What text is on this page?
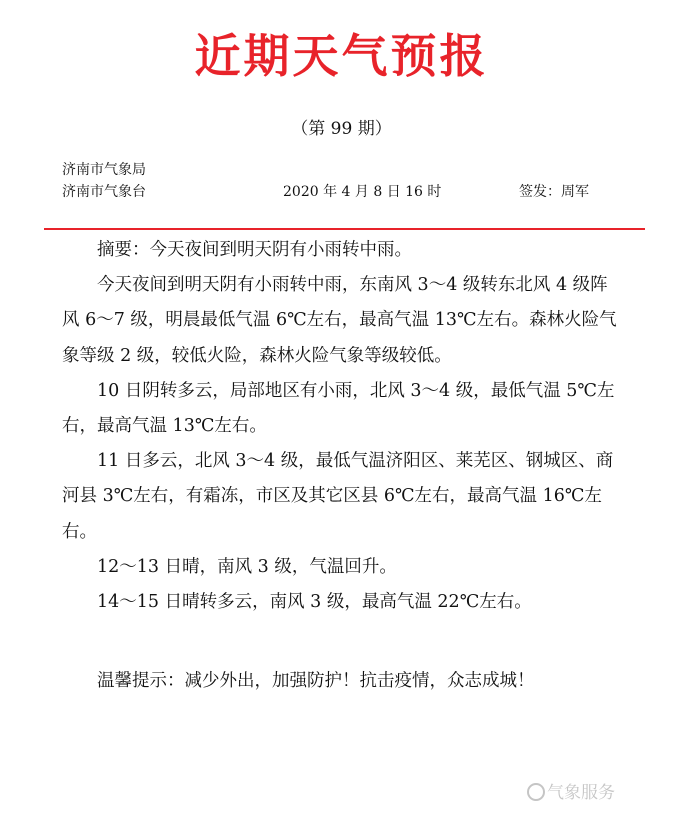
近期天气预报
（第 99 期）
济南市气象局
济南市气象台	2020 年 4 月 8 日 16 时	签发：周军

摘要：今天夜间到明天阴有小雨转中雨。

今天夜间到明天阴有小雨转中雨，东南风 3～4 级转东北风 4 级阵风 6～7 级，明晨最低气温 6℃左右，最高气温 13℃左右。森林火险气象等级 2 级，较低火险，森林火险气象等级较低。

10 日阴转多云，局部地区有小雨，北风 3～4 级，最低气温 5℃左右，最高气温 13℃左右。

11 日多云，北风 3～4 级，最低气温济阳区、莱芜区、钢城区、商河县 3℃左右，有霜冻，市区及其它区县 6℃左右，最高气温 16℃左右。

12～13 日晴，南风 3 级，气温回升。

14～15 日晴转多云，南风 3 级，最高气温 22℃左右。

温馨提示：减少外出，加强防护！抗击疫情，众志成城！

气象服务
